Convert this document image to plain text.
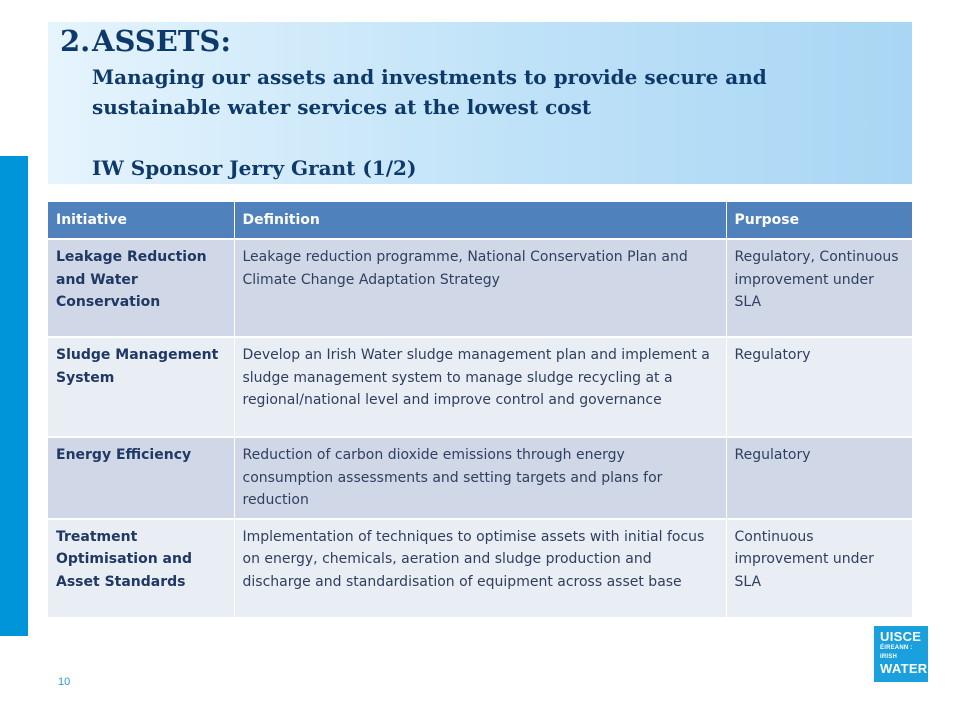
2. ASSETS:
Managing our assets and investments to provide secure and sustainable water services at the lowest cost
IW Sponsor Jerry Grant (1/2)
Initiative	Definition	Purpose
Leakage Reduction and Water Conservation	Leakage reduction programme, National Conservation Plan and Climate Change Adaptation Strategy	Regulatory, Continuous improvement under SLA
Sludge Management System	Develop an Irish Water sludge management plan and implement a sludge management system to manage sludge recycling at a regional/national level and improve control and governance	Regulatory
Energy Efficiency	Reduction of carbon dioxide emissions through energy consumption assessments and setting targets and plans for reduction	Regulatory
Treatment Optimisation and Asset Standards	Implementation of techniques to optimise assets with initial focus on energy, chemicals, aeration and sludge production and discharge and standardisation of equipment across asset base	Continuous improvement under SLA
10
UISCE
ÉIREANN : IRISH
WATER
